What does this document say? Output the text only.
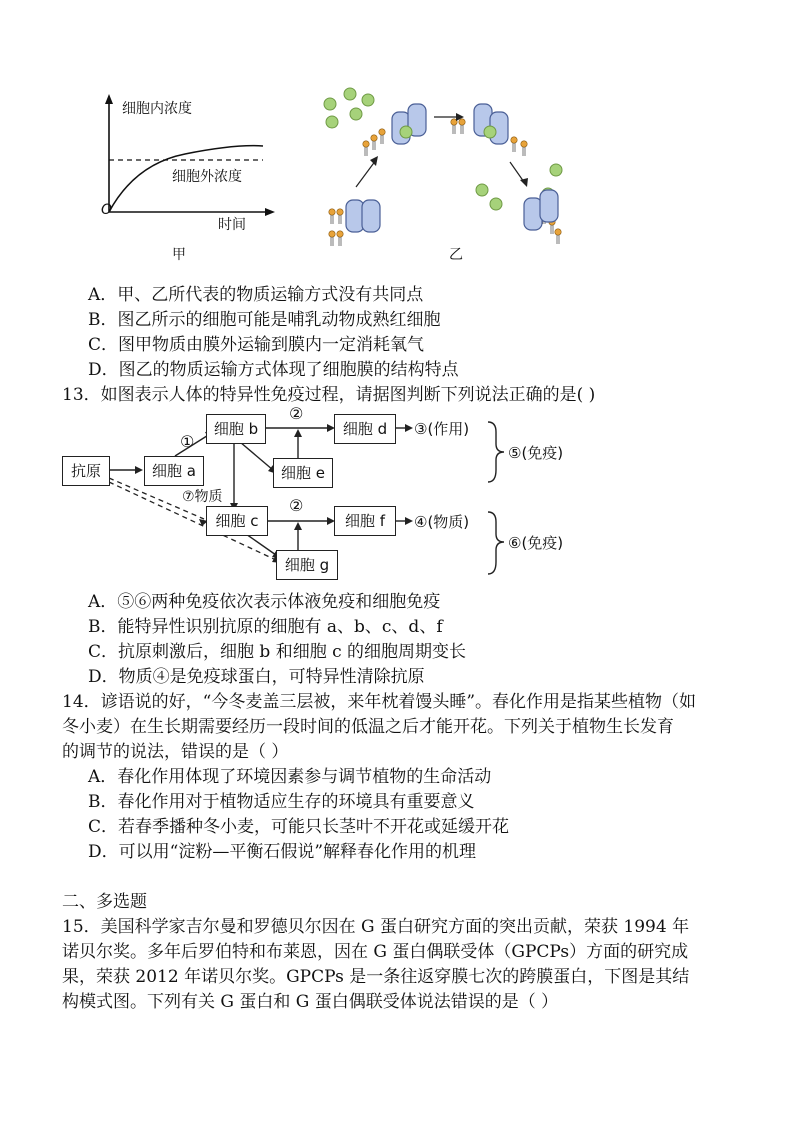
细胞内浓度
细胞外浓度
时间
O
甲	乙
A．甲、乙所代表的物质运输方式没有共同点
B．图乙所示的细胞可能是哺乳动物成熟红细胞
C．图甲物质由膜外运输到膜内一定消耗氧气
D．图乙的物质运输方式体现了细胞膜的结构特点
13．如图表示人体的特异性免疫过程，请据图判断下列说法正确的是( )
抗原	细胞 a
细胞 b	细胞 d
细胞 e
细胞 c	细胞 f
细胞 g
①
②
②
⑦物质
③(作用)
④(物质)
⑤(免疫)
⑥(免疫)
A．⑤⑥两种免疫依次表示体液免疫和细胞免疫
B．能特异性识别抗原的细胞有 a、b、c、d、f
C．抗原刺激后，细胞 b 和细胞 c 的细胞周期变长
D．物质④是免疫球蛋白，可特异性清除抗原
14．谚语说的好，“今冬麦盖三层被，来年枕着馒头睡”。春化作用是指某些植物（如
冬小麦）在生长期需要经历一段时间的低温之后才能开花。下列关于植物生长发育
的调节的说法，错误的是（ ）
A．春化作用体现了环境因素参与调节植物的生命活动
B．春化作用对于植物适应生存的环境具有重要意义
C．若春季播种冬小麦，可能只长茎叶不开花或延缓开花
D．可以用“淀粉—平衡石假说”解释春化作用的机理
二、多选题
15．美国科学家吉尔曼和罗德贝尔因在 G 蛋白研究方面的突出贡献，荣获 1994 年
诺贝尔奖。多年后罗伯特和布莱恩，因在 G 蛋白偶联受体（GPCPs）方面的研究成
果，荣获 2012 年诺贝尔奖。GPCPs 是一条往返穿膜七次的跨膜蛋白，下图是其结
构模式图。下列有关 G 蛋白和 G 蛋白偶联受体说法错误的是（ ）
